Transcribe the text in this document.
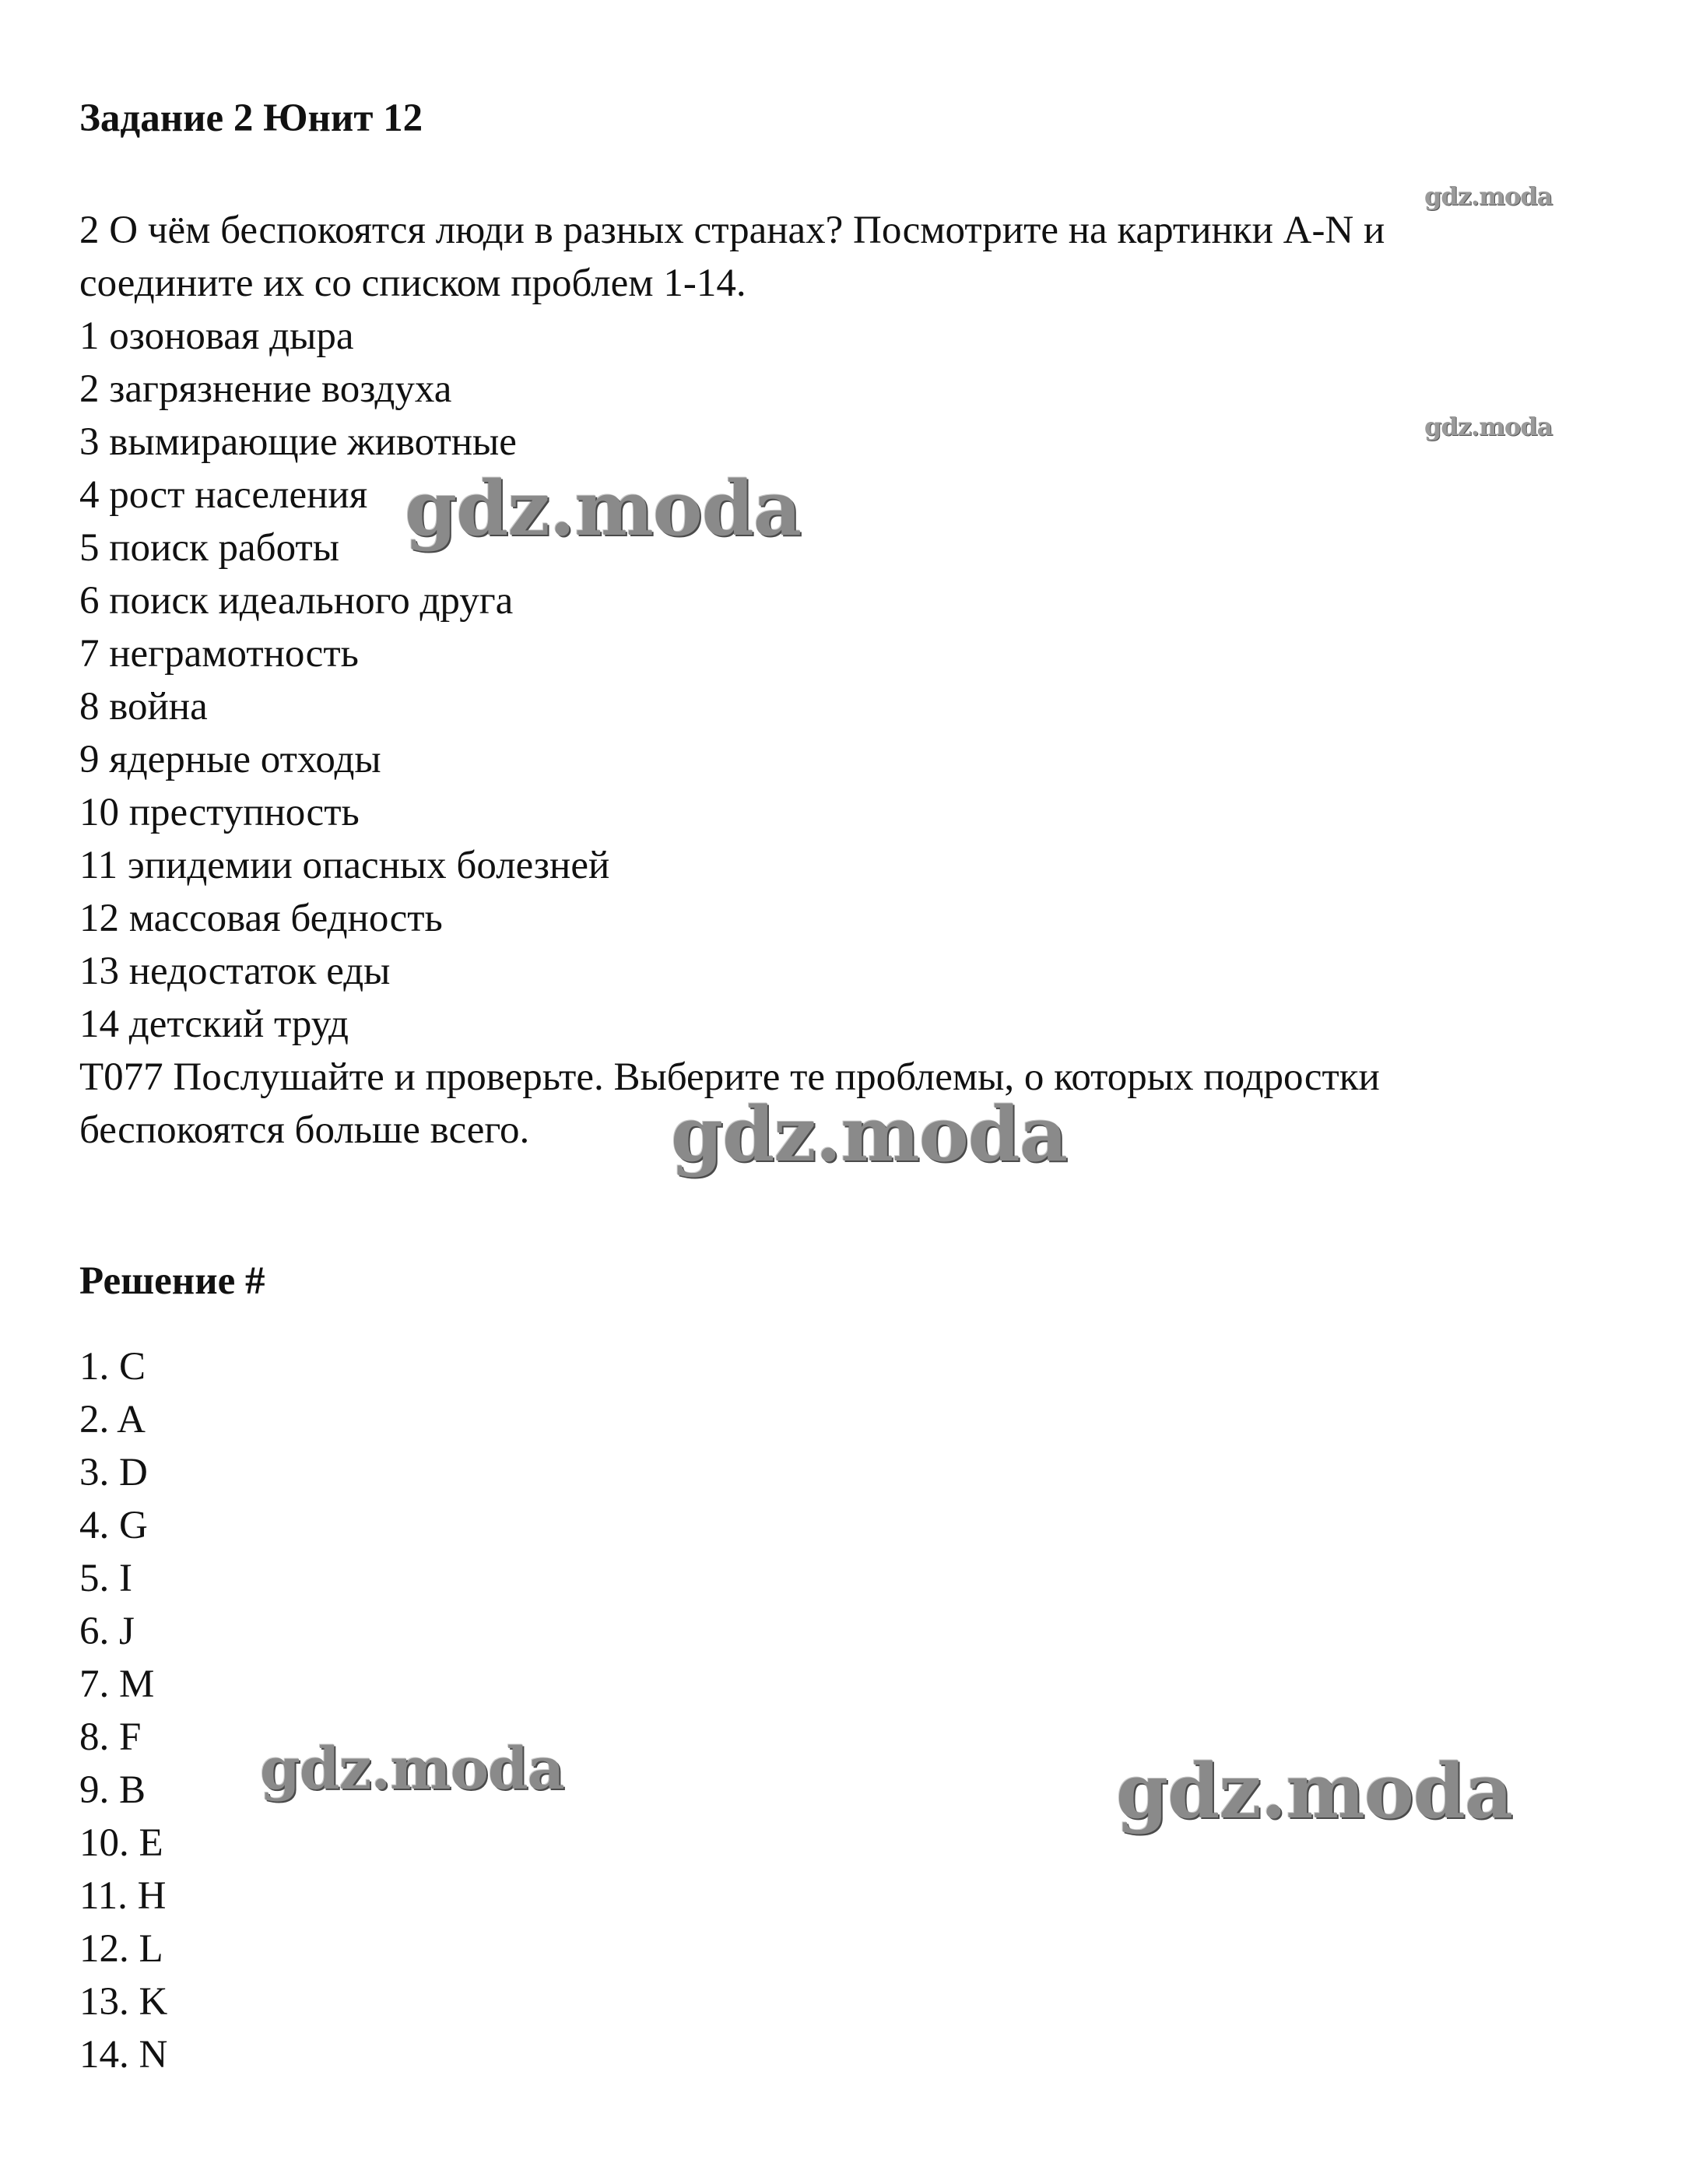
Задание 2 Юнит 12

2 О чём беспокоятся люди в разных странах? Посмотрите на картинки A-N и

соедините их со списком проблем 1-14.

1 озоновая дыра

2 загрязнение воздуха

3 вымирающие животные

4 рост населения

5 поиск работы

6 поиск идеального друга

7 неграмотность

8 война

9 ядерные отходы

10 преступность

11 эпидемии опасных болезней

12 массовая бедность

13 недостаток еды

14 детский труд

T077 Послушайте и проверьте. Выберите те проблемы, о которых подростки

беспокоятся больше всего.

Решение #
1. C
2. A
3. D
4. G
5. I
6. J
7. M
8. F
9. B
10. E
11. H
12. L
13. K
14. N
gdz.moda
gdz.moda
gdz.moda
gdz.moda
gdz.moda	gdz.moda
